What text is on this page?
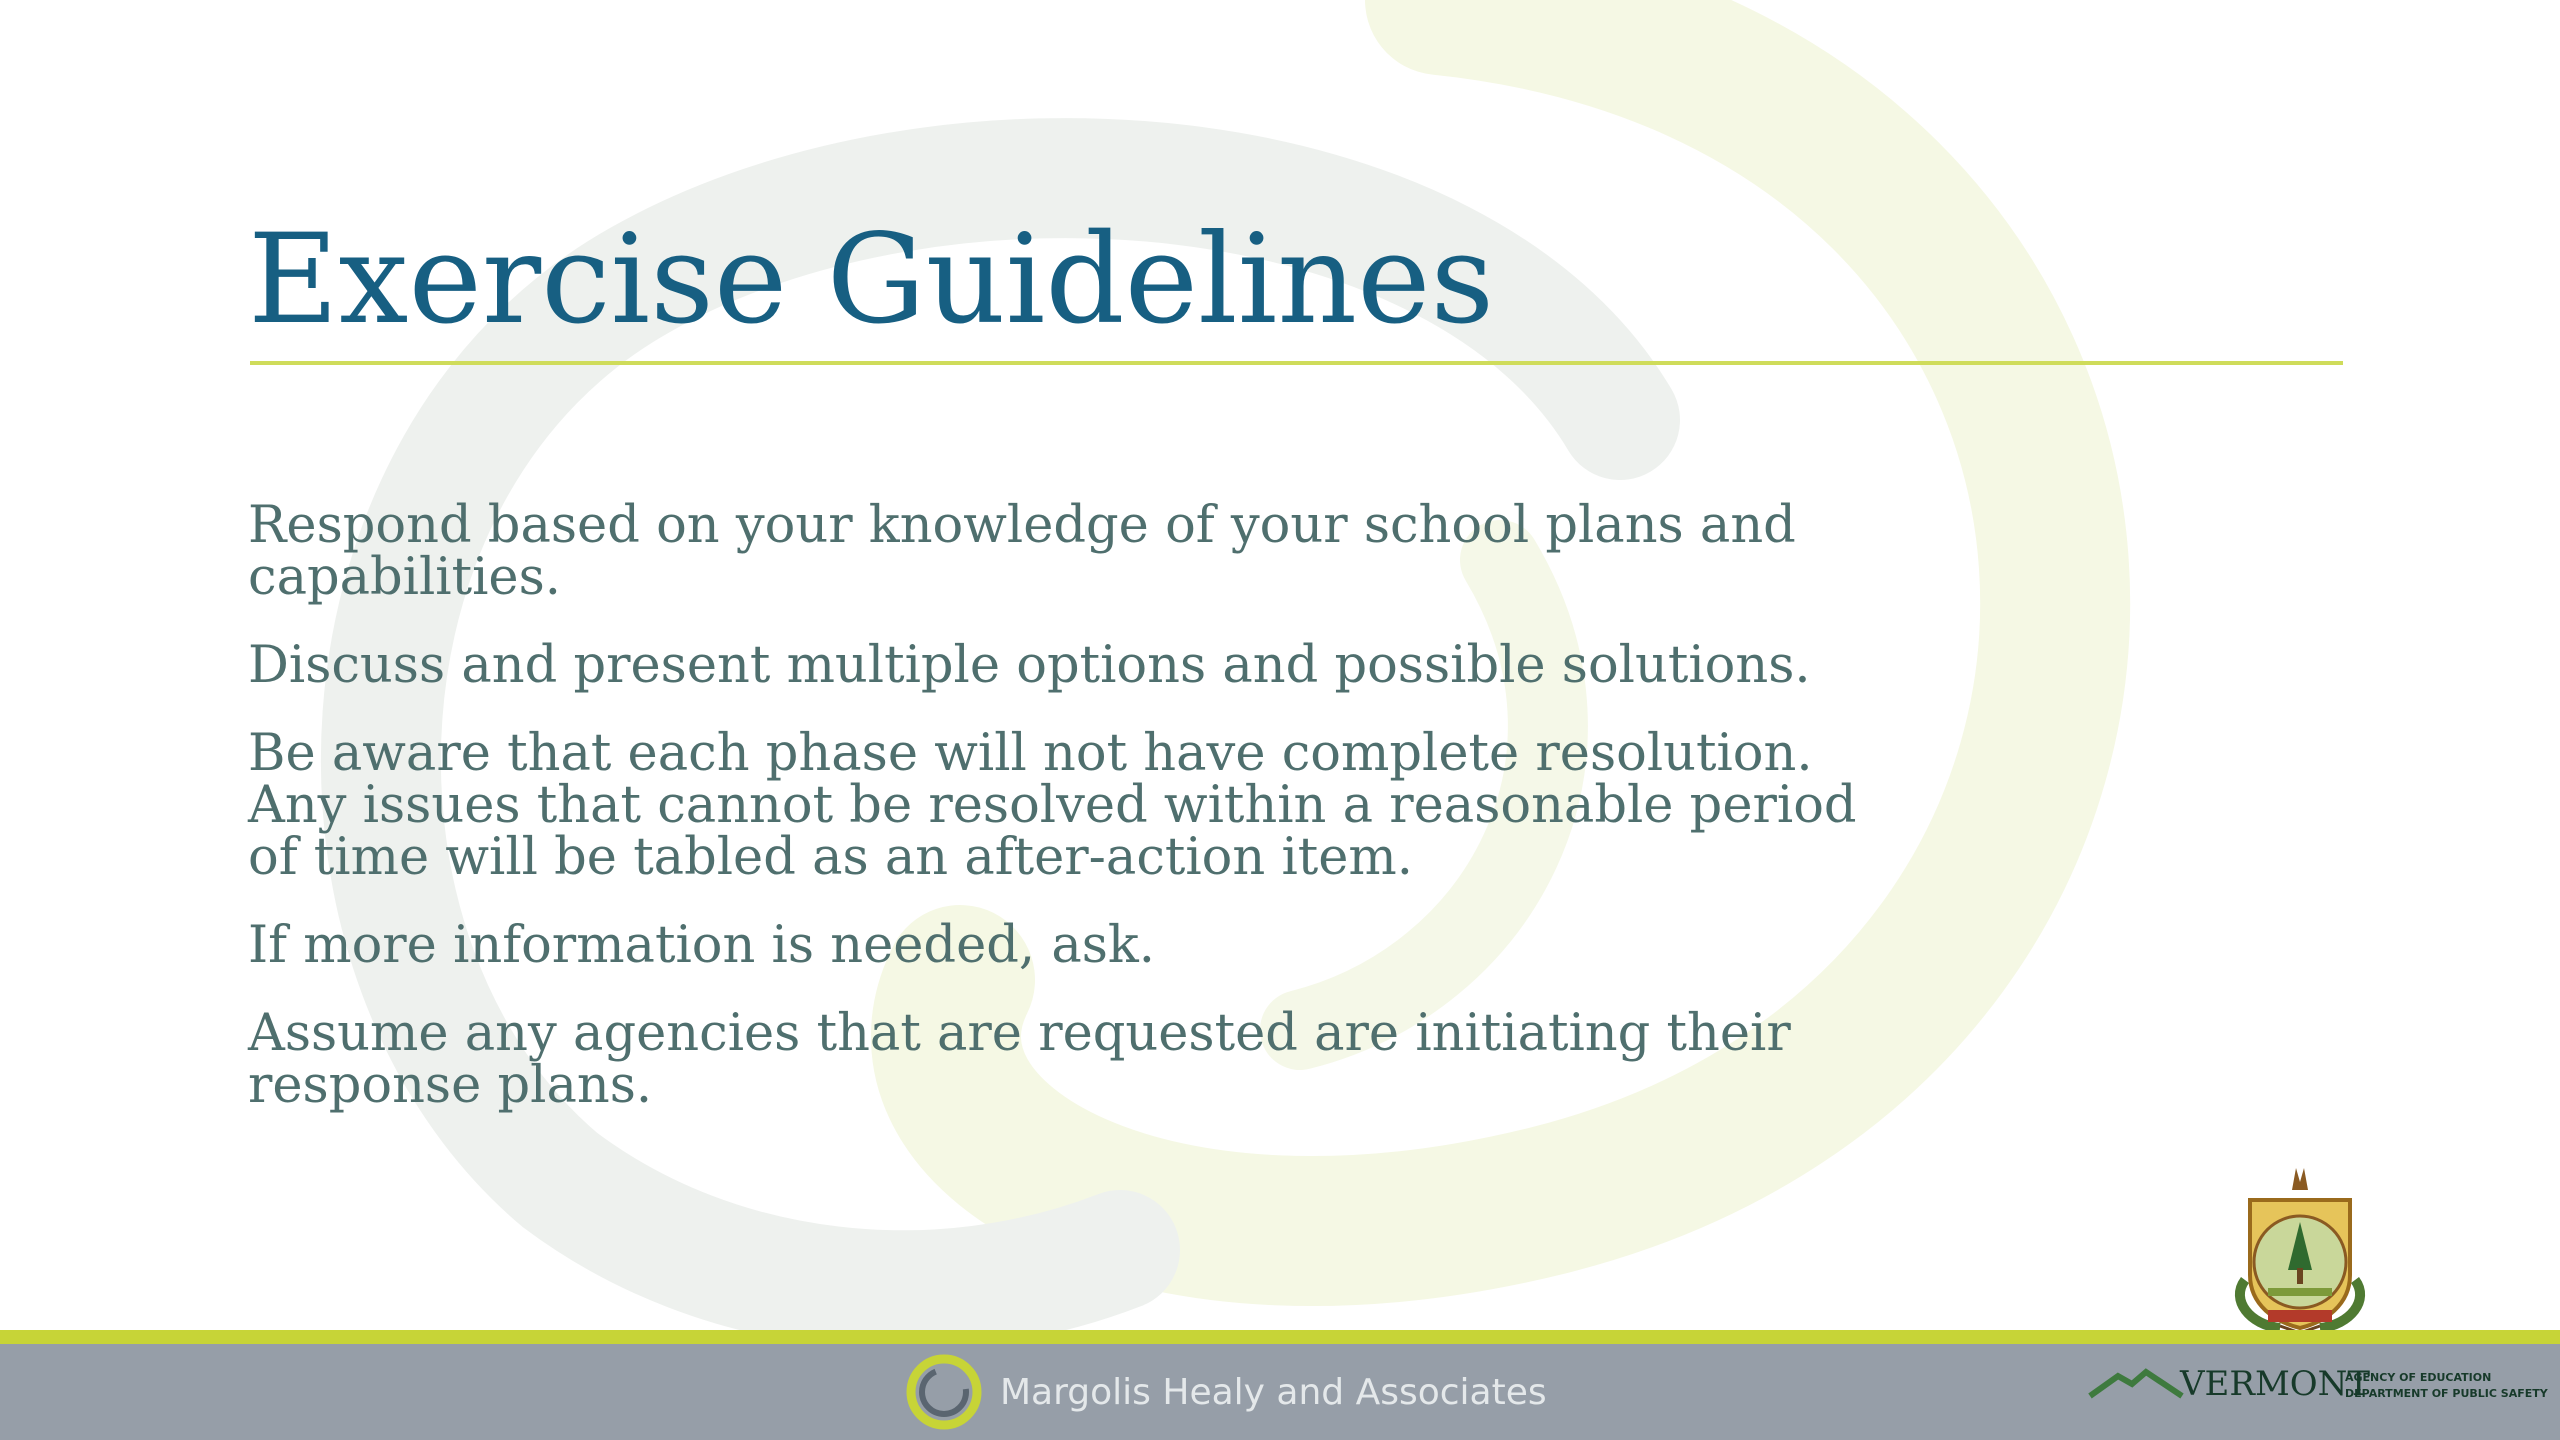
Exercise Guidelines

Respond based on your knowledge of your school plans and capabilities.

Discuss and present multiple options and possible solutions.

Be aware that each phase will not have complete resolution. Any issues that cannot be resolved within a reasonable period of time will be tabled as an after-action item.

If more information is needed, ask.

Assume any agencies that are requested are initiating their response plans.

Margolis Healy and Associates	VERMONT
AGENCY OF EDUCATION
DEPARTMENT OF PUBLIC SAFETY
